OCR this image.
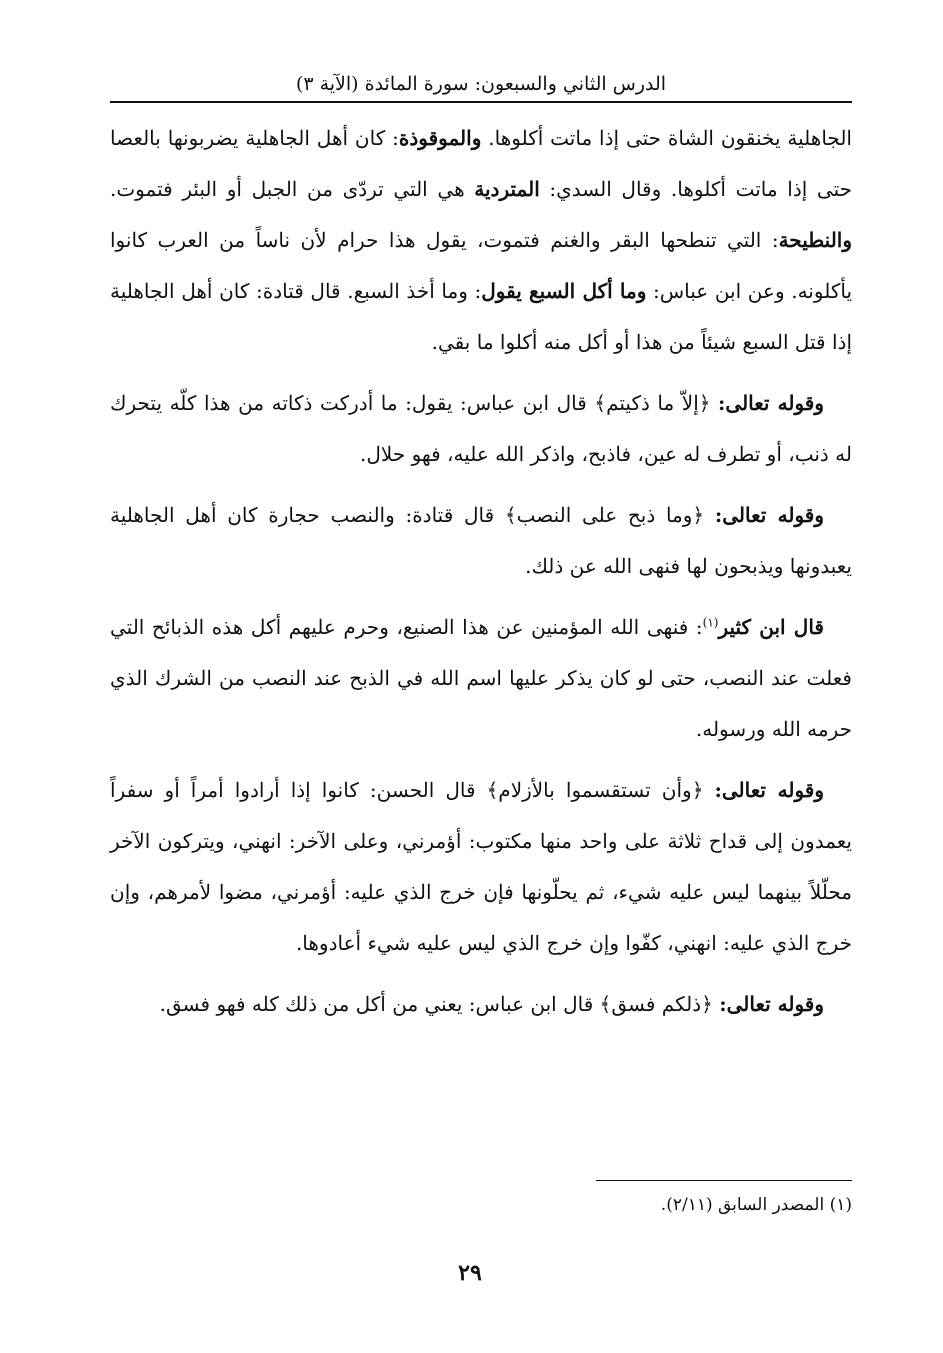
الدرس الثاني والسبعون: سورة المائدة (الآية ٣)

الجاهلية يخنقون الشاة حتى إذا ماتت أكلوها. والموقوذة: كان أهل الجاهلية يضربونها بالعصا حتى إذا ماتت أكلوها. وقال السدي: المتردية هي التي تردّى من الجبل أو البئر فتموت. والنطيحة: التي تنطحها البقر والغنم فتموت، يقول هذا حرام لأن ناساً من العرب كانوا يأكلونه. وعن ابن عباس: وما أكل السبع يقول: وما أخذ السبع. قال قتادة: كان أهل الجاهلية إذا قتل السبع شيئاً من هذا أو أكل منه أكلوا ما بقي.

وقوله تعالى: ﴿إلاّ ما ذكيتم﴾ قال ابن عباس: يقول: ما أدركت ذكاته من هذا كلّه يتحرك له ذنب، أو تطرف له عين، فاذبح، واذكر الله عليه، فهو حلال.

وقوله تعالى: ﴿وما ذبح على النصب﴾ قال قتادة: والنصب حجارة كان أهل الجاهلية يعبدونها ويذبحون لها فنهى الله عن ذلك.

قال ابن كثير$^{(١)}$: فنهى الله المؤمنين عن هذا الصنيع، وحرم عليهم أكل هذه الذبائح التي فعلت عند النصب، حتى لو كان يذكر عليها اسم الله في الذبح عند النصب من الشرك الذي حرمه الله ورسوله.

وقوله تعالى: ﴿وأن تستقسموا بالأزلام﴾ قال الحسن: كانوا إذا أرادوا أمراً أو سفراً يعمدون إلى قداح ثلاثة على واحد منها مكتوب: أؤمرني، وعلى الآخر: انهني، ويتركون الآخر محلّلاً بينهما ليس عليه شيء، ثم يحلّونها فإن خرج الذي عليه: أؤمرني، مضوا لأمرهم، وإن خرج الذي عليه: انهني، كفّوا وإن خرج الذي ليس عليه شيء أعادوها.

وقوله تعالى: ﴿ذلكم فسق﴾ قال ابن عباس: يعني من أكل من ذلك كله فهو فسق.

(١) المصدر السابق (٢/١١).
٢٩
